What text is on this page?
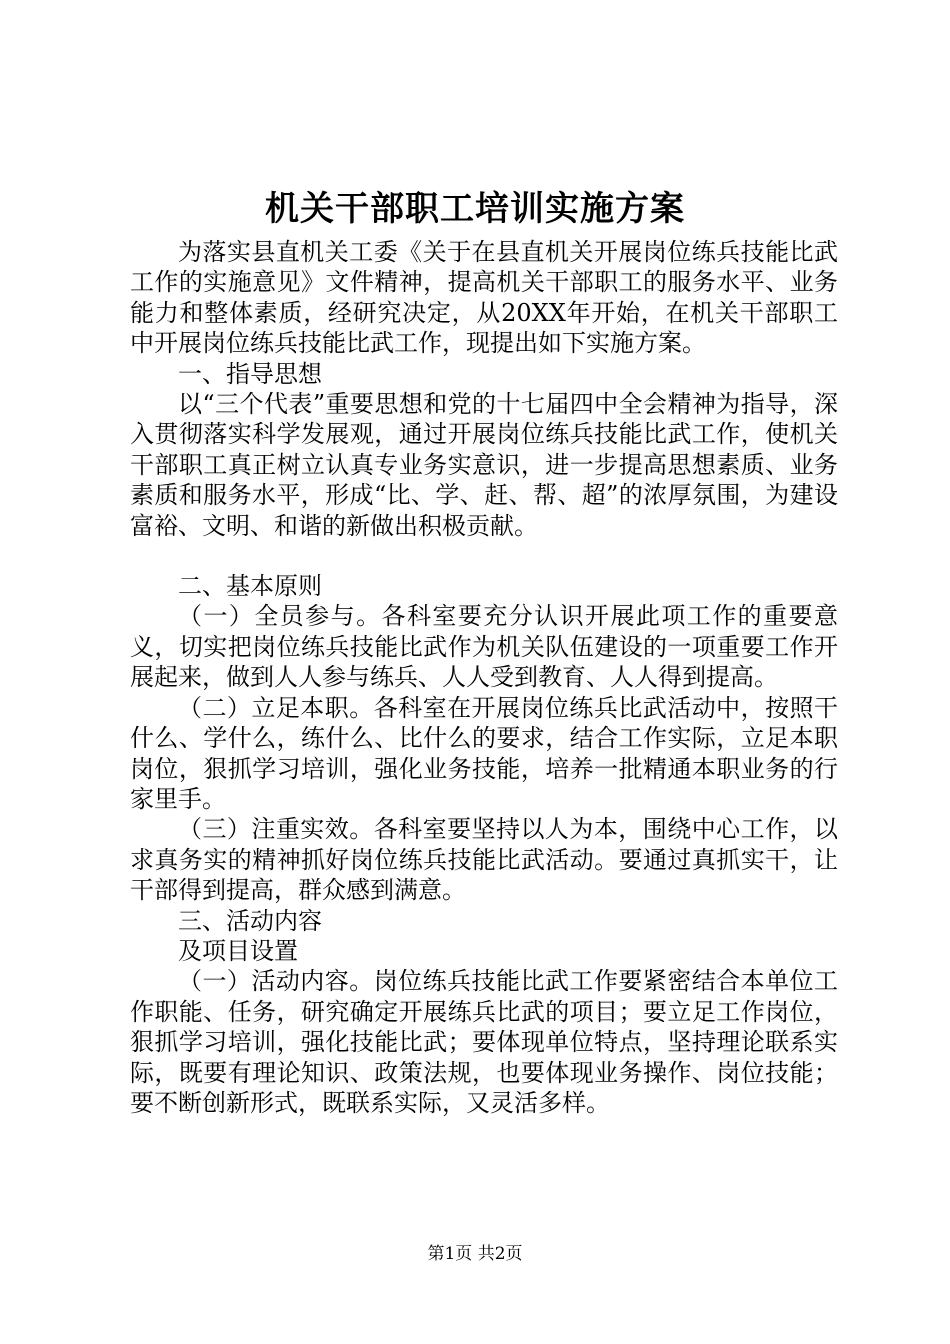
机关干部职工培训实施方案

为落实县直机关工委《关于在县直机关开展岗位练兵技能比武工作的实施意见》文件精神，提高机关干部职工的服务水平、业务能力和整体素质，经研究决定，从20XX年开始，在机关干部职工中开展岗位练兵技能比武工作，现提出如下实施方案。

一、指导思想

以“三个代表”重要思想和党的十七届四中全会精神为指导，深入贯彻落实科学发展观，通过开展岗位练兵技能比武工作，使机关干部职工真正树立认真专业务实意识，进一步提高思想素质、业务素质和服务水平，形成“比、学、赶、帮、超”的浓厚氛围，为建设富裕、文明、和谐的新做出积极贡献。

二、基本原则

（一）全员参与。各科室要充分认识开展此项工作的重要意义，切实把岗位练兵技能比武作为机关队伍建设的一项重要工作开展起来，做到人人参与练兵、人人受到教育、人人得到提高。

（二）立足本职。各科室在开展岗位练兵比武活动中，按照干什么、学什么，练什么、比什么的要求，结合工作实际，立足本职岗位，狠抓学习培训，强化业务技能，培养一批精通本职业务的行家里手。

（三）注重实效。各科室要坚持以人为本，围绕中心工作，以求真务实的精神抓好岗位练兵技能比武活动。要通过真抓实干，让干部得到提高，群众感到满意。

三、活动内容

及项目设置

（一）活动内容。岗位练兵技能比武工作要紧密结合本单位工作职能、任务，研究确定开展练兵比武的项目；要立足工作岗位，狠抓学习培训，强化技能比武；要体现单位特点，坚持理论联系实际，既要有理论知识、政策法规，也要体现业务操作、岗位技能；要不断创新形式，既联系实际，又灵活多样。

第1页 共2页
